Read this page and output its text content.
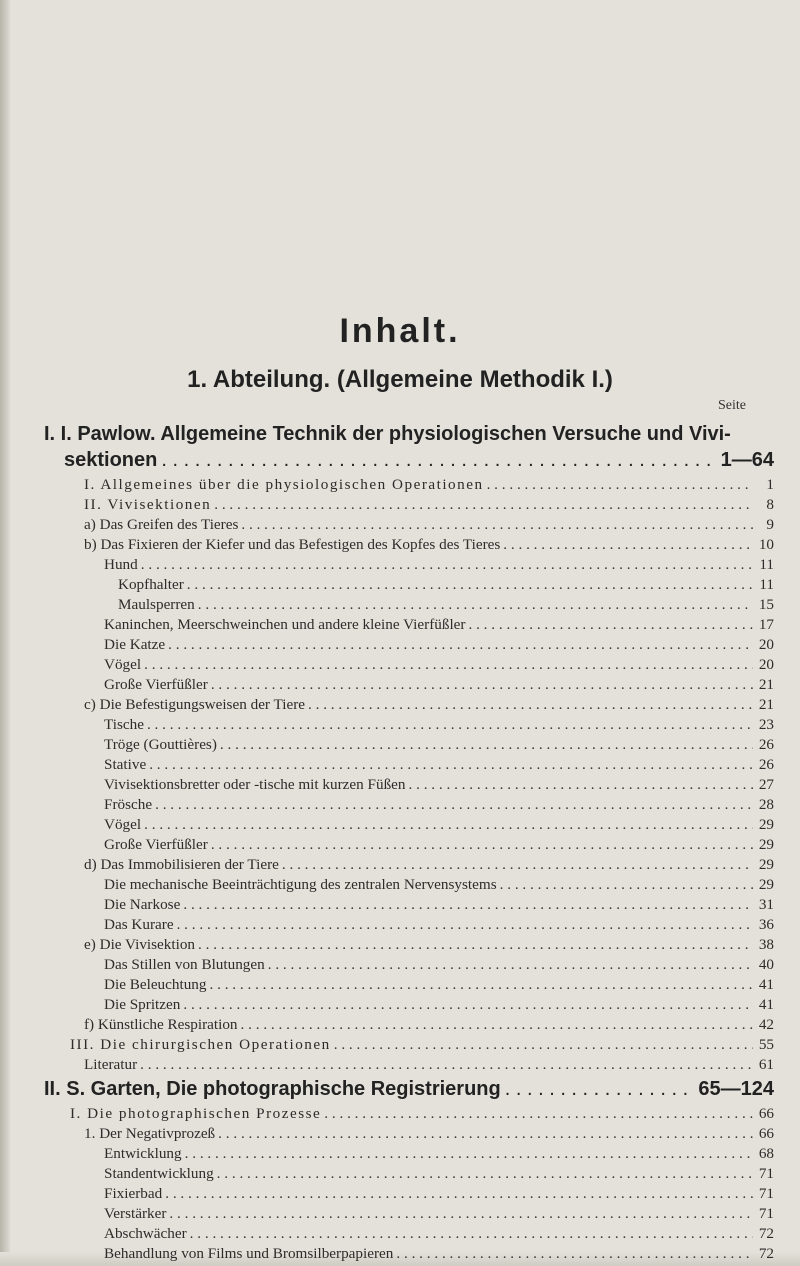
Inhalt.
1. Abteilung. (Allgemeine Methodik I.)
Seite
I. I. Pawlow. Allgemeine Technik der physiologischen Versuche und Vivi-
sektionen . . .	1—64
I. Allgemeines über die physiologischen Operationen . . .	1
II. Vivisektionen . . .	8
a) Das Greifen des Tieres . . .	9
b) Das Fixieren der Kiefer und das Befestigen des Kopfes des Tieres . . .	10
Hund . . .	11
Kopfhalter . . .	11
Maulsperren . . .	15
Kaninchen, Meerschweinchen und andere kleine Vierfüßler . . .	17
Die Katze . . .	20
Vögel . . .	20
Große Vierfüßler . . .	21
c) Die Befestigungsweisen der Tiere . . .	21
Tische . . .	23
Tröge (Gouttières) . . .	26
Stative . . .	26
Vivisektionsbretter oder -tische mit kurzen Füßen . . .	27
Frösche . . .	28
Vögel . . .	29
Große Vierfüßler . . .	29
d) Das Immobilisieren der Tiere . . .	29
Die mechanische Beeinträchtigung des zentralen Nervensystems . . .	29
Die Narkose . . .	31
Das Kurare . . .	36
e) Die Vivisektion . . .	38
Das Stillen von Blutungen . . .	40
Die Beleuchtung . . .	41
Die Spritzen . . .	41
f) Künstliche Respiration . . .	42
III. Die chirurgischen Operationen . . .	55
Literatur . . .	61
II. S. Garten, Die photographische Registrierung . . .	65—124
I. Die photographischen Prozesse . . .	66
1. Der Negativprozeß . . .	66
Entwicklung . . .	68
Standentwicklung . . .	71
Fixierbad . . .	71
Verstärker . . .	71
Abschwächer . . .	72
Behandlung von Films und Bromsilberpapieren . . .	72
